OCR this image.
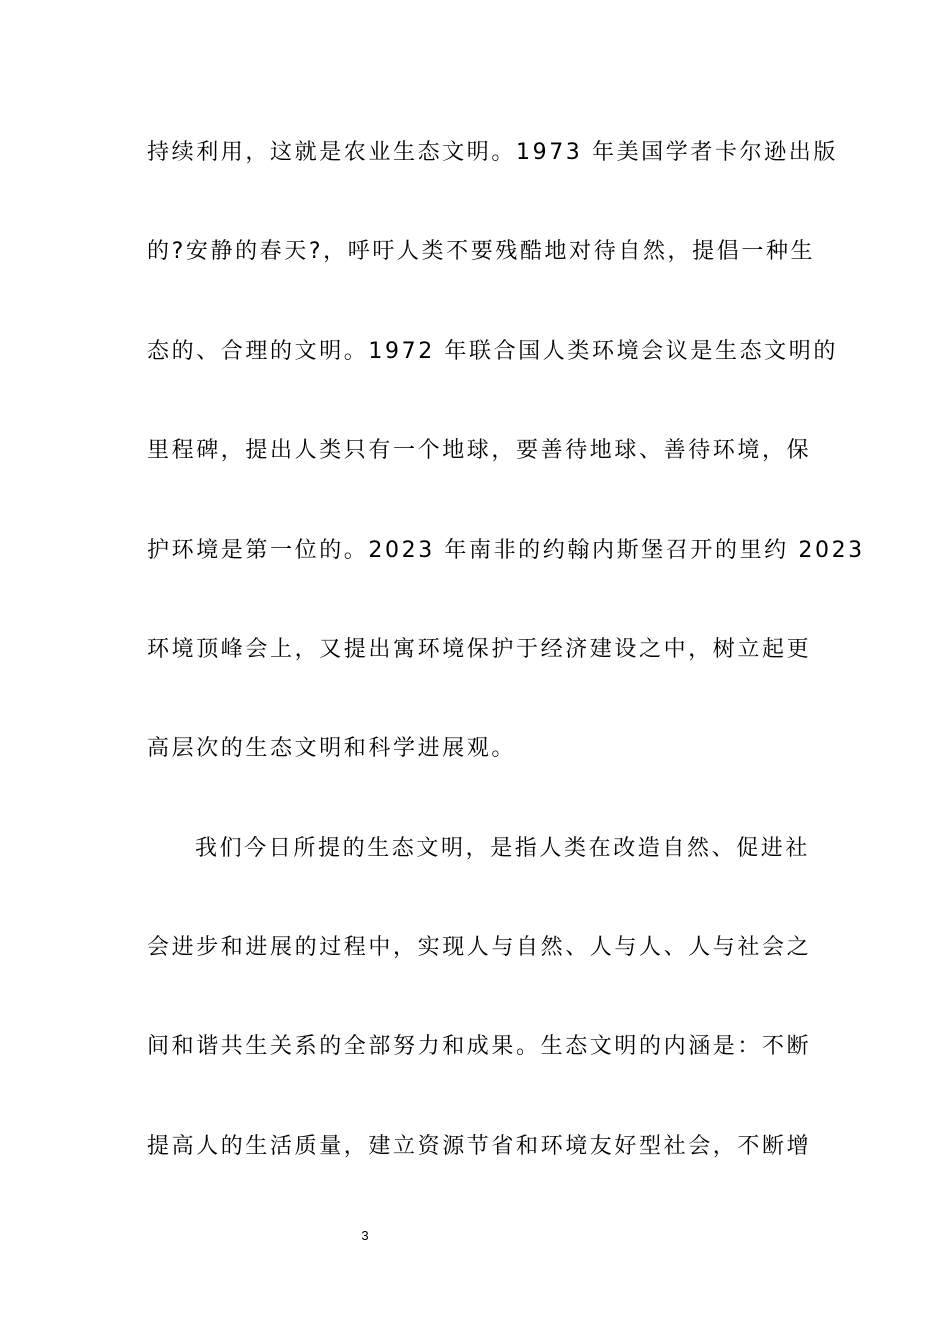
持续利用，这就是农业生态文明。1973 年美国学者卡尔逊出版
的?安静的春天?，呼吁人类不要残酷地对待自然，提倡一种生
态的、合理的文明。1972 年联合国人类环境会议是生态文明的
里程碑，提出人类只有一个地球，要善待地球、善待环境，保
护环境是第一位的。2023 年南非的约翰内斯堡召开的里约 2023
环境顶峰会上，又提出寓环境保护于经济建设之中，树立起更
高层次的生态文明和科学进展观。
我们今日所提的生态文明，是指人类在改造自然、促进社
会进步和进展的过程中，实现人与自然、人与人、人与社会之
间和谐共生关系的全部努力和成果。生态文明的内涵是：不断
提高人的生活质量，建立资源节省和环境友好型社会，不断增
3
